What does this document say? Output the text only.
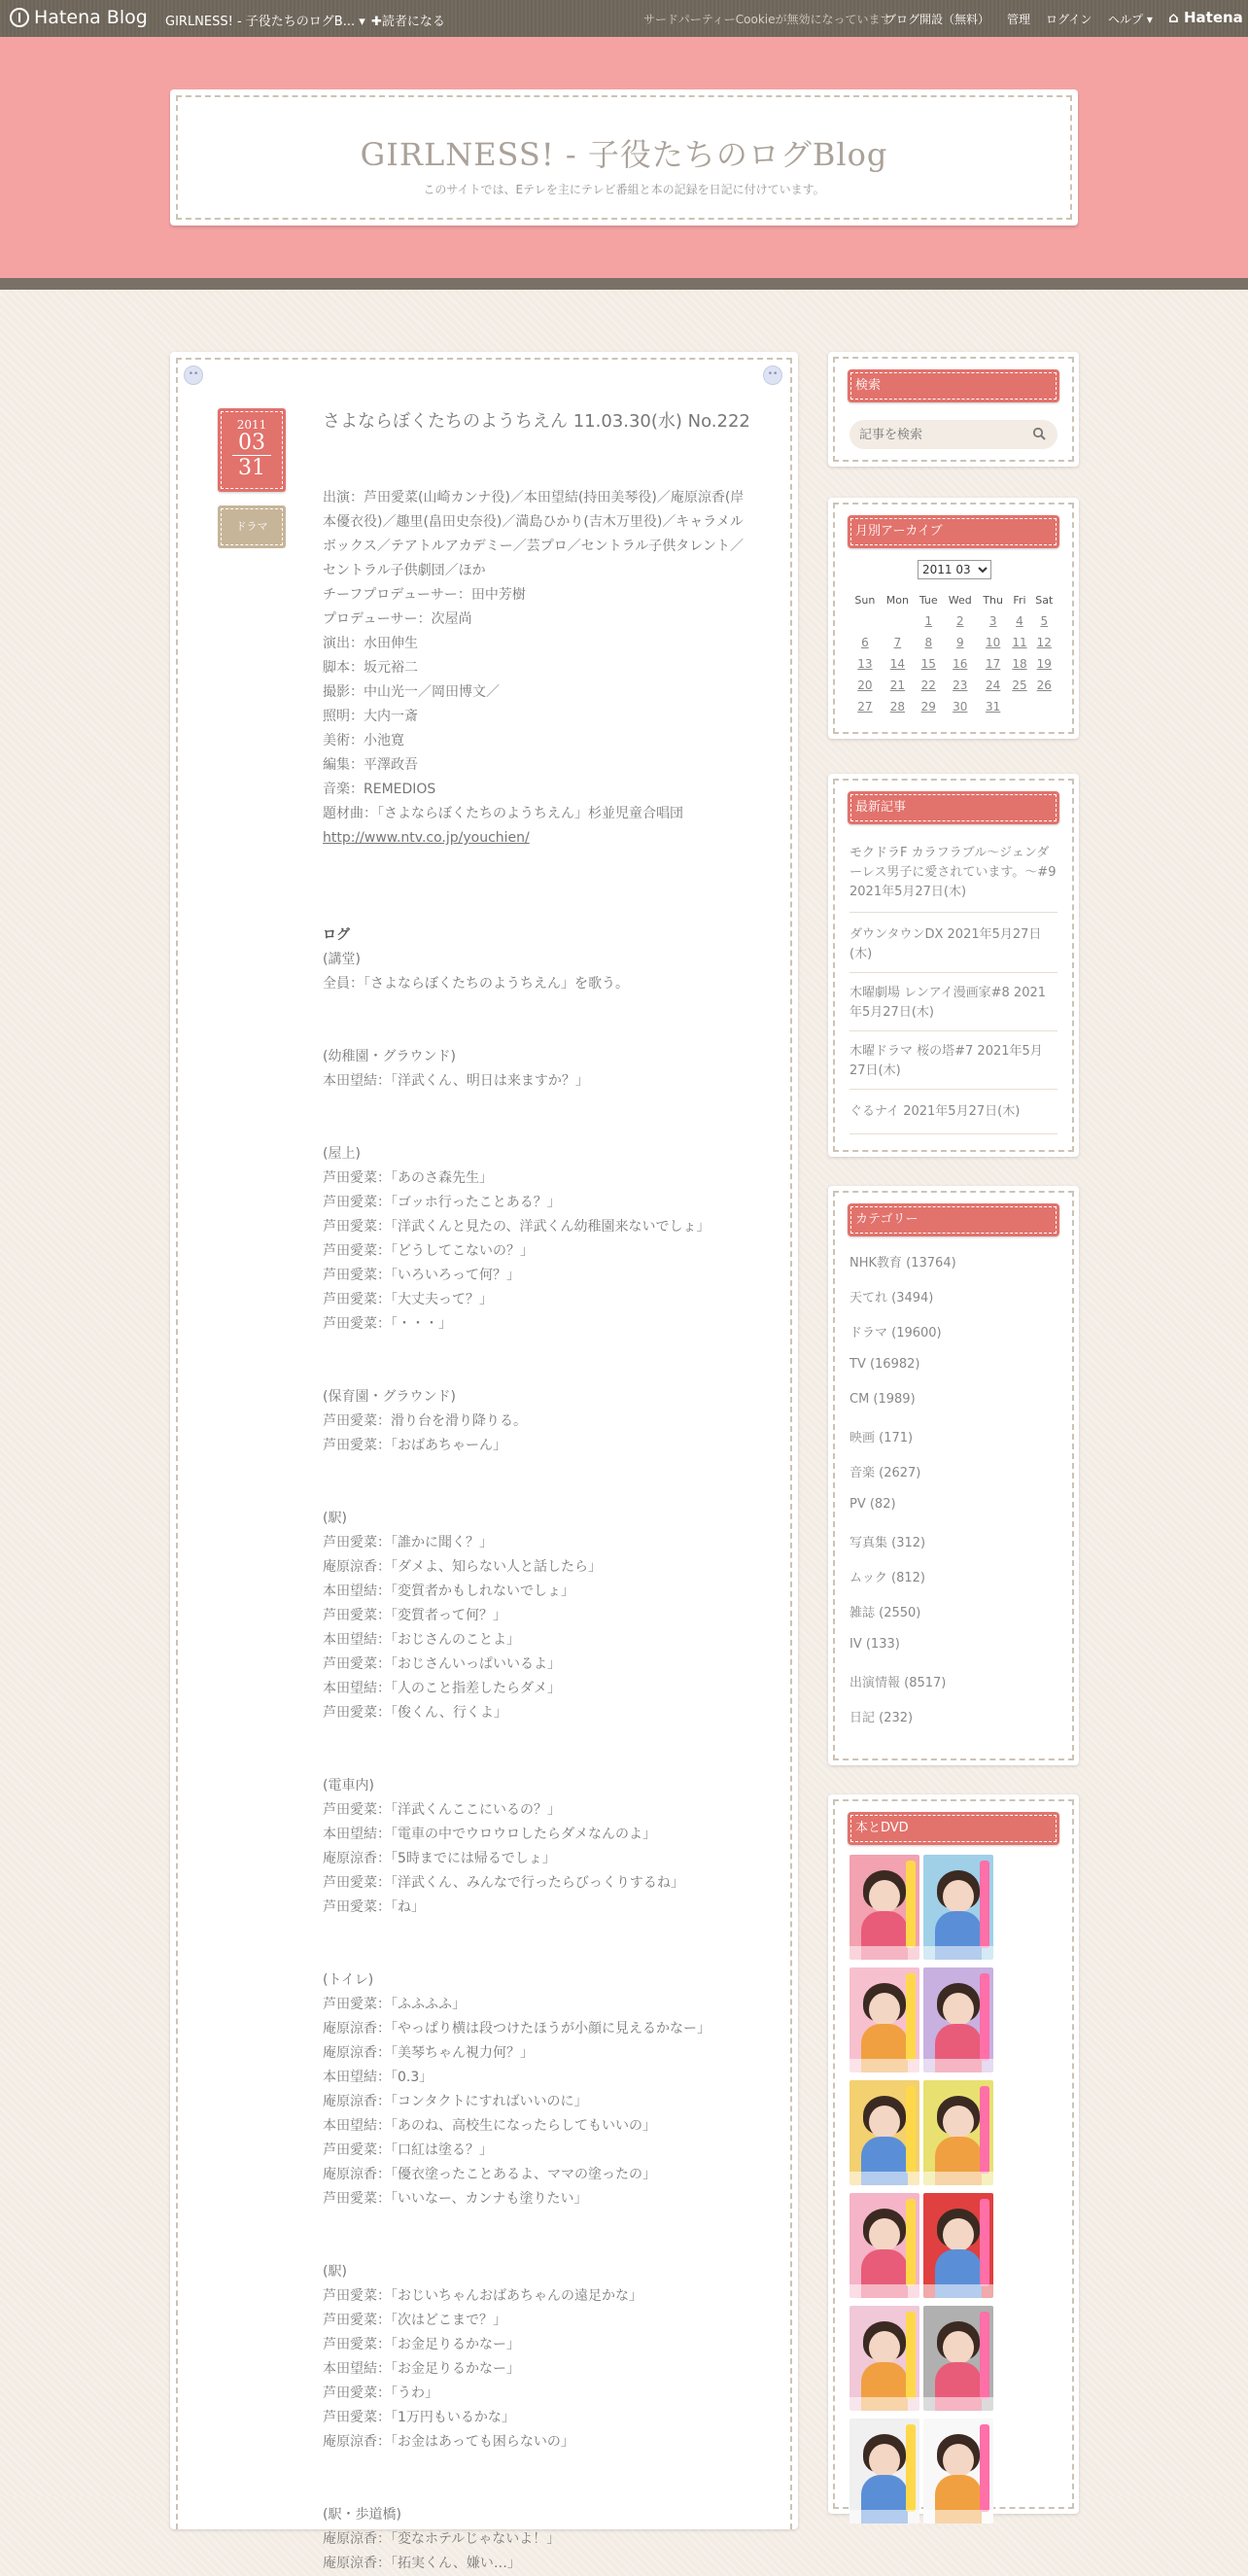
Hatena Blog GIRLNESS! - 子役たちのログB... ▾ ✚読者になる	サードパーティーCookieが無効になっています
ブログ開設（無料） 管理 ログイン ヘルプ ▾ ⌂ Hatena
GIRLNESS! - 子役たちのログBlog
このサイトでは、Eテレを主にテレビ番組と本の記録を日記に付けています。
••	••
2011
03
31
ドラマ
さよならぼくたちのようちえん 11.03.30(水) No.222
出演：芦田愛菜(山崎カンナ役)／本田望結(持田美琴役)／庵原涼香(岸本優衣役)／趣里(畠田史奈役)／満島ひかり(吉木万里役)／キャラメルボックス／テアトルアカデミー／芸プロ／セントラル子供タレント／セントラル子供劇団／ほか
チーフプロデューサー：田中芳樹
プロデューサー：次屋尚
演出：水田伸生
脚本：坂元裕二
撮影：中山光一／岡田博文／
照明：大内一斎
美術：小池寛
編集：平澤政吾
音楽：REMEDIOS
題材曲：「さよならぼくたちのようちえん」杉並児童合唱団
http://www.ntv.co.jp/youchien/
ログ
(講堂)
全員：「さよならぼくたちのようちえん」を歌う。
(幼稚園・グラウンド)
本田望結：「洋武くん、明日は来ますか？」
(屋上)
芦田愛菜：「あのさ森先生」
芦田愛菜：「ゴッホ行ったことある？」
芦田愛菜：「洋武くんと見たの、洋武くん幼稚園来ないでしょ」
芦田愛菜：「どうしてこないの？」
芦田愛菜：「いろいろって何？」
芦田愛菜：「大丈夫って？」
芦田愛菜：「・・・」
(保育園・グラウンド)
芦田愛菜：滑り台を滑り降りる。
芦田愛菜：「おばあちゃーん」
(駅)
芦田愛菜：「誰かに聞く？」
庵原涼香：「ダメよ、知らない人と話したら」
本田望結：「変質者かもしれないでしょ」
芦田愛菜：「変質者って何？」
本田望結：「おじさんのことよ」
芦田愛菜：「おじさんいっぱいいるよ」
本田望結：「人のこと指差したらダメ」
芦田愛菜：「俊くん、行くよ」
(電車内)
芦田愛菜：「洋武くんここにいるの？」
本田望結：「電車の中でウロウロしたらダメなんのよ」
庵原涼香：「5時までには帰るでしょ」
芦田愛菜：「洋武くん、みんなで行ったらびっくりするね」
芦田愛菜：「ね」
(トイレ)
芦田愛菜：「ふふふふ」
庵原涼香：「やっぱり横は段つけたほうが小顔に見えるかなー」
庵原涼香：「美琴ちゃん視力何？」
本田望結：「0.3」
庵原涼香：「コンタクトにすればいいのに」
本田望結：「あのね、高校生になったらしてもいいの」
芦田愛菜：「口紅は塗る？」
庵原涼香：「優衣塗ったことあるよ、ママの塗ったの」
芦田愛菜：「いいなー、カンナも塗りたい」
(駅)
芦田愛菜：「おじいちゃんおばあちゃんの遠足かな」
芦田愛菜：「次はどこまで？」
芦田愛菜：「お金足りるかなー」
本田望結：「お金足りるかなー」
芦田愛菜：「うわ」
芦田愛菜：「1万円もいるかな」
庵原涼香：「お金はあっても困らないの」
(駅・歩道橋)
庵原涼香：「変なホテルじゃないよ！」
庵原涼香：「拓実くん、嫌い…」
検索
記事を検索
月別アーカイブ
2011 03
Sun	Mon	Tue	Wed	Thu	Fri	Sat
		1	2	3	4	5
6	7	8	9	10	11	12
13	14	15	16	17	18	19
20	21	22	23	24	25	26
27	28	29	30	31		
最新記事
モクドラF カラフラブル～ジェンダーレス男子に愛されています。～#9 2021年5月27日(木)
ダウンタウンDX 2021年5月27日(木)
木曜劇場 レンアイ漫画家#8 2021年5月27日(木)
木曜ドラマ 桜の塔#7 2021年5月27日(木)
ぐるナイ 2021年5月27日(木)
カテゴリー
NHK教育 (13764)
天てれ (3494)
ドラマ (19600)
TV (16982)
CM (1989)
映画 (171)
音楽 (2627)
PV (82)
写真集 (312)
ムック (812)
雑誌 (2550)
IV (133)
出演情報 (8517)
日記 (232)
本とDVD
